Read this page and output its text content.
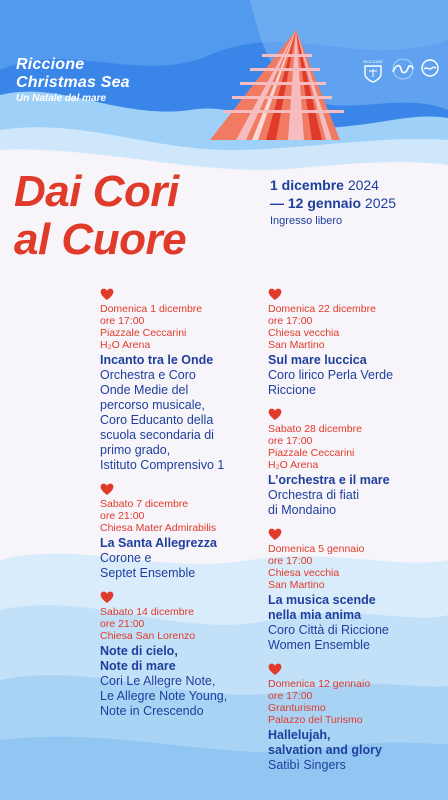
Riccione
Christmas Sea
Un Natale dal mare
RICCIONE
Dai Cori
al Cuore
1 dicembre 2024
— 12 gennaio 2025
Ingresso libero
Domenica 1 dicembre
ore 17:00
Piazzale Ceccarini
H₂O Arena
Incanto tra le Onde
Orchestra e Coro
Onde Medie del
percorso musicale,
Coro Educanto della
scuola secondaria di
primo grado,
Istituto Comprensivo 1
Sabato 7 dicembre
ore 21:00
Chiesa Mater Admirabilis
La Santa Allegrezza
Corone e
Septet Ensemble
Sabato 14 dicembre
ore 21:00
Chiesa San Lorenzo
Note di cielo,
Note di mare
Cori Le Allegre Note,
Le Allegre Note Young,
Note in Crescendo
Domenica 22 dicembre
ore 17:00
Chiesa vecchia
San Martino
Sul mare luccica
Coro lirico Perla Verde
Riccione
Sabato 28 dicembre
ore 17:00
Piazzale Ceccarini
H₂O Arena
L’orchestra e il mare
Orchestra di fiati
di Mondaino
Domenica 5 gennaio
ore 17:00
Chiesa vecchia
San Martino
La musica scende
nella mia anima
Coro Città di Riccione
Women Ensemble
Domenica 12 gennaio
ore 17:00
Granturismo
Palazzo del Turismo
Hallelujah,
salvation and glory
Satibì Singers
